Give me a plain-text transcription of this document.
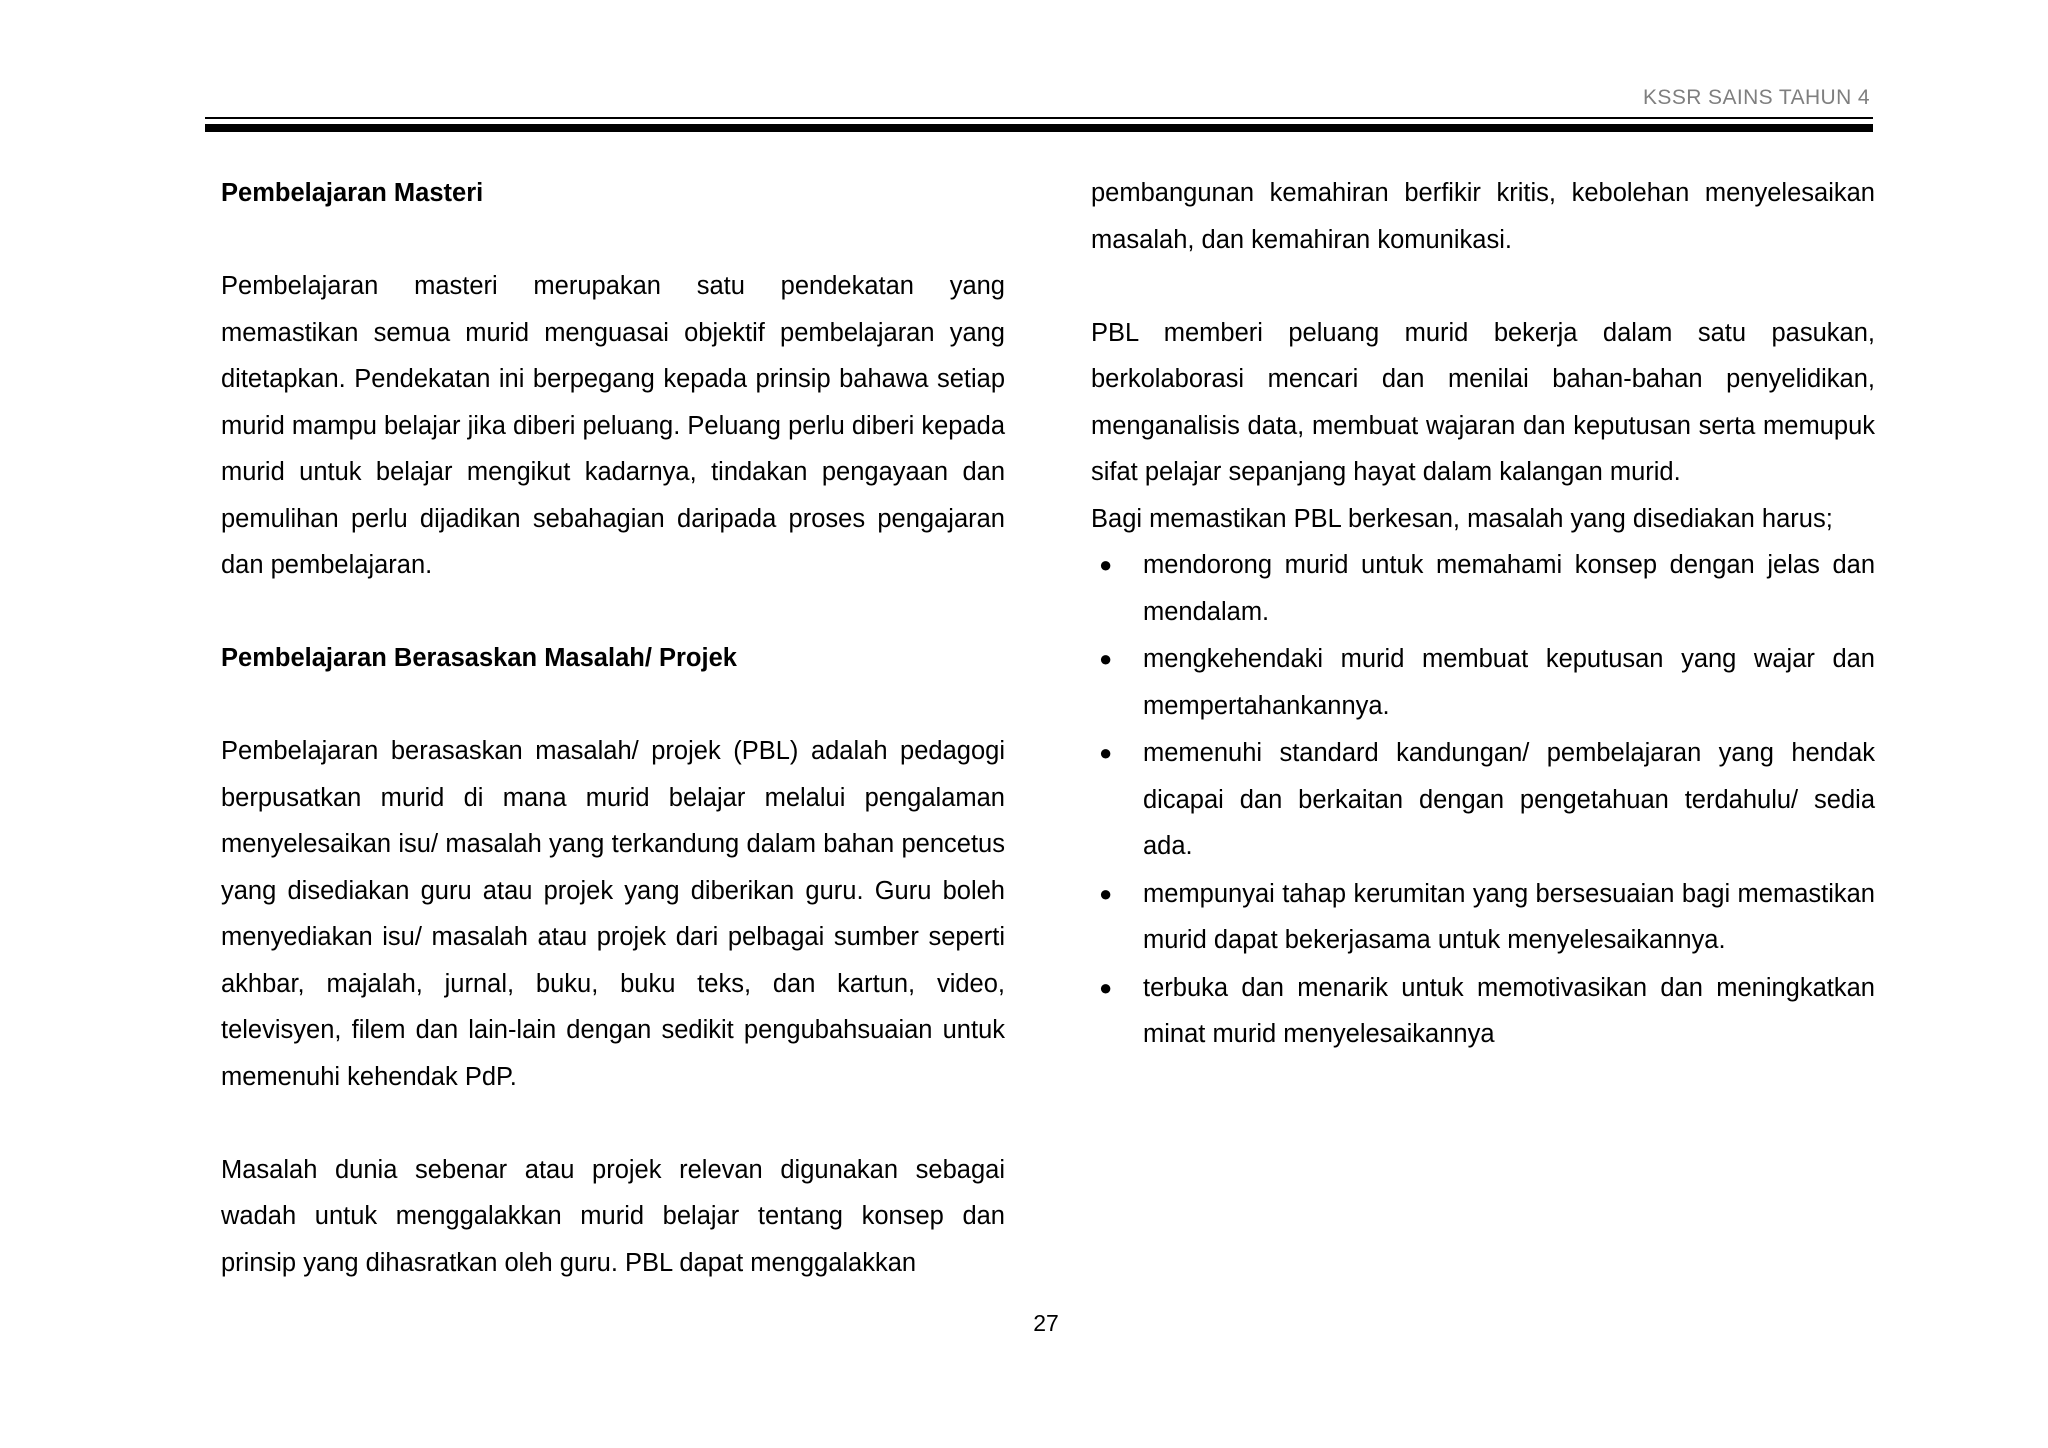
KSSR SAINS TAHUN 4

Pembelajaran Masteri

Pembelajaran masteri merupakan satu pendekatan yang memastikan semua murid menguasai objektif pembelajaran yang ditetapkan. Pendekatan ini berpegang kepada prinsip bahawa setiap murid mampu belajar jika diberi peluang. Peluang perlu diberi kepada murid untuk belajar mengikut kadarnya, tindakan pengayaan dan pemulihan perlu dijadikan sebahagian daripada proses pengajaran dan pembelajaran.

Pembelajaran Berasaskan Masalah/ Projek

Pembelajaran berasaskan masalah/ projek (PBL) adalah pedagogi berpusatkan murid di mana murid belajar melalui pengalaman menyelesaikan isu/ masalah yang terkandung dalam bahan pencetus yang disediakan guru atau projek yang diberikan guru. Guru boleh menyediakan isu/ masalah atau projek dari pelbagai sumber seperti akhbar, majalah, jurnal, buku, buku teks, dan kartun, video, televisyen, filem dan lain-lain dengan sedikit pengubahsuaian untuk memenuhi kehendak PdP.

Masalah dunia sebenar atau projek relevan digunakan sebagai wadah untuk menggalakkan murid belajar tentang konsep dan prinsip yang dihasratkan oleh guru. PBL dapat menggalakkan

pembangunan kemahiran berfikir kritis, kebolehan menyelesaikan masalah, dan kemahiran komunikasi.

PBL memberi peluang murid bekerja dalam satu pasukan, berkolaborasi mencari dan menilai bahan-bahan penyelidikan, menganalisis data, membuat wajaran dan keputusan serta memupuk sifat pelajar sepanjang hayat dalam kalangan murid.

Bagi memastikan PBL berkesan, masalah yang disediakan harus;

● mendorong murid untuk memahami konsep dengan jelas dan mendalam.
● mengkehendaki murid membuat keputusan yang wajar dan mempertahankannya.
● memenuhi standard kandungan/ pembelajaran yang hendak dicapai dan berkaitan dengan pengetahuan terdahulu/ sedia ada.
● mempunyai tahap kerumitan yang bersesuaian bagi memastikan murid dapat bekerjasama untuk menyelesaikannya.
● terbuka dan menarik untuk memotivasikan dan meningkatkan minat murid menyelesaikannya
27
